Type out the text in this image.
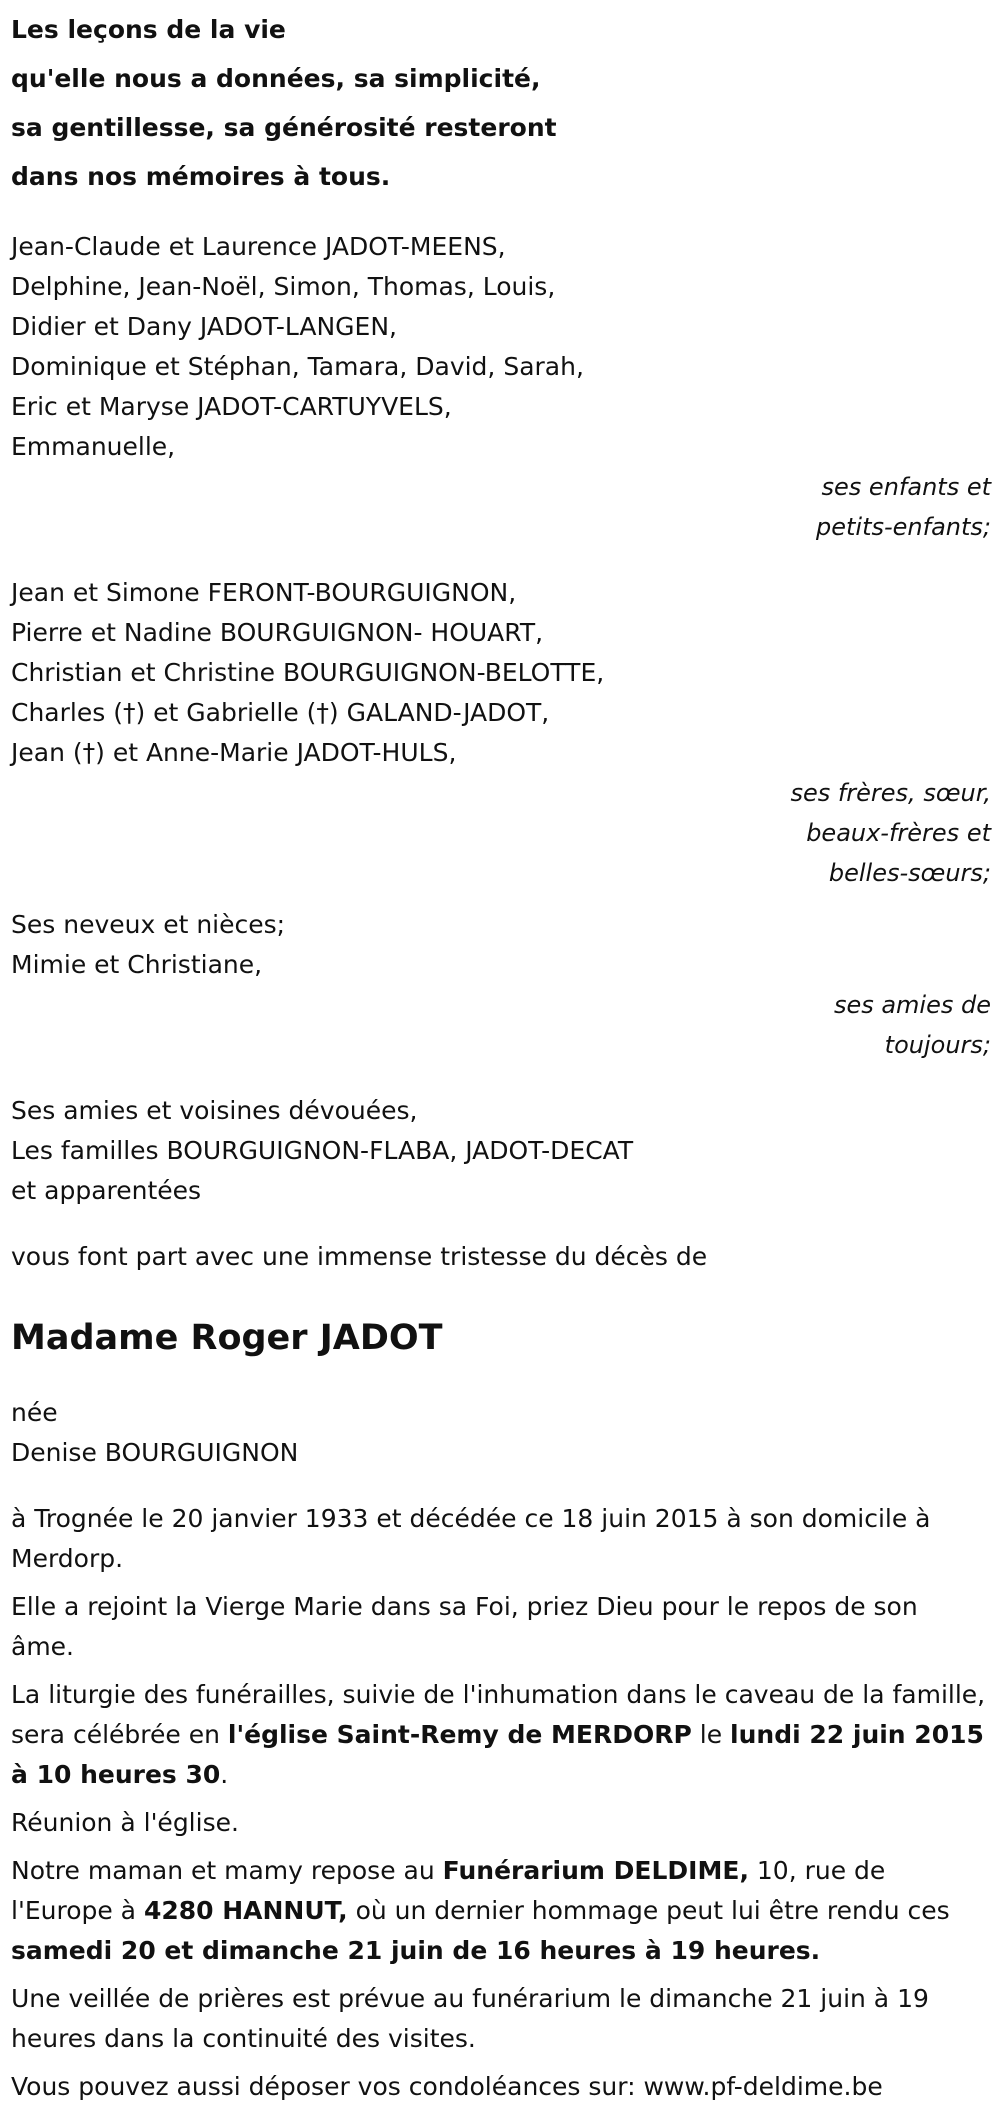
Les leçons de la vie
qu'elle nous a données, sa simplicité,
sa gentillesse, sa générosité resteront
dans nos mémoires à tous.
Jean-Claude et Laurence JADOT-MEENS,
Delphine, Jean-Noël, Simon, Thomas, Louis,
Didier et Dany JADOT-LANGEN,
Dominique et Stéphan, Tamara, David, Sarah,
Eric et Maryse JADOT-CARTUYVELS,
Emmanuelle,
ses enfants et
petits-enfants;
Jean et Simone FERONT-BOURGUIGNON,
Pierre et Nadine BOURGUIGNON- HOUART,
Christian et Christine BOURGUIGNON-BELOTTE,
Charles (†) et Gabrielle (†) GALAND-JADOT,
Jean (†) et Anne-Marie JADOT-HULS,
ses frères, sœur,
beaux-frères et
belles-sœurs;
Ses neveux et nièces;
Mimie et Christiane,
ses amies de
toujours;
Ses amies et voisines dévouées,
Les familles BOURGUIGNON-FLABA, JADOT-DECAT
et apparentées
vous font part avec une immense tristesse du décès de
Madame Roger JADOT
née
Denise BOURGUIGNON
à Trognée le 20 janvier 1933 et décédée ce 18 juin 2015 à son domicile à Merdorp.
Elle a rejoint la Vierge Marie dans sa Foi, priez Dieu pour le repos de son âme.
La liturgie des funérailles, suivie de l'inhumation dans le caveau de la famille, sera célébrée en l'église Saint-Remy de MERDORP le lundi 22 juin 2015 à 10 heures 30.
Réunion à l'église.
Notre maman et mamy repose au Funérarium DELDIME, 10, rue de l'Europe à 4280 HANNUT, où un dernier hommage peut lui être rendu ces samedi 20 et dimanche 21 juin de 16 heures à 19 heures.
Une veillée de prières est prévue au funérarium le dimanche 21 juin à 19 heures dans la continuité des visites.
Vous pouvez aussi déposer vos condoléances sur: www.pf-deldime.be
